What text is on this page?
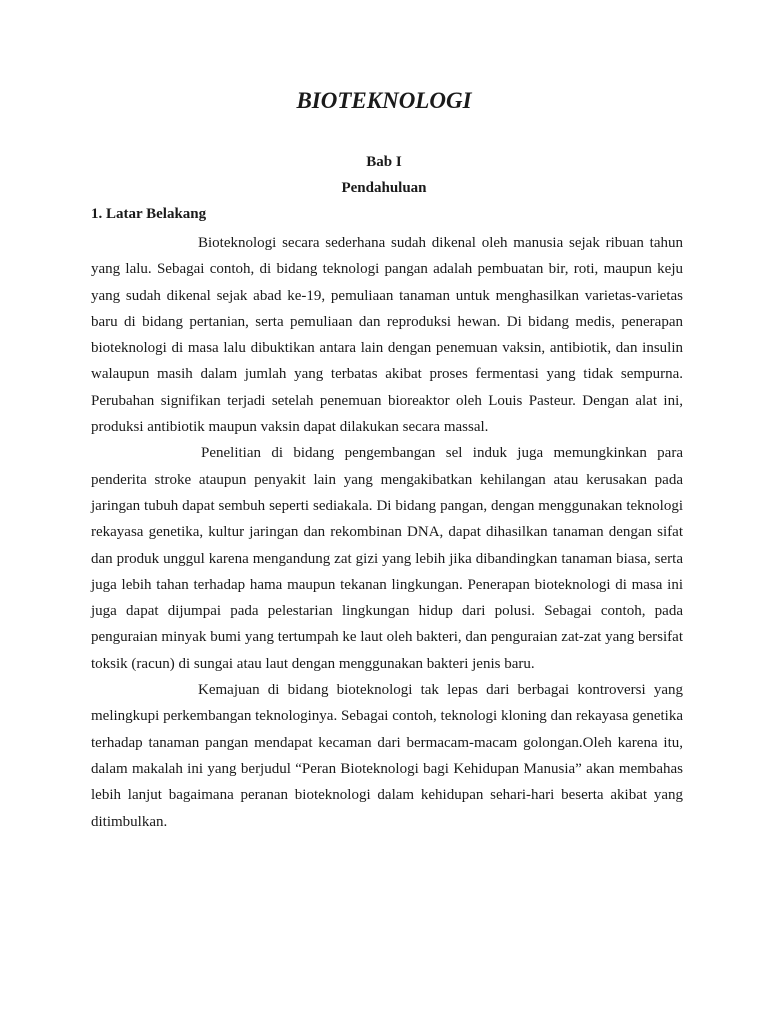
BIOTEKNOLOGI

Bab I

Pendahuluan

1. Latar Belakang

Bioteknologi secara sederhana sudah dikenal oleh manusia sejak ribuan tahun yang lalu. Sebagai contoh, di bidang teknologi pangan adalah pembuatan bir, roti, maupun keju yang sudah dikenal sejak abad ke-19, pemuliaan tanaman untuk menghasilkan varietas-varietas baru di bidang pertanian, serta pemuliaan dan reproduksi hewan. Di bidang medis, penerapan bioteknologi di masa lalu dibuktikan antara lain dengan penemuan vaksin, antibiotik, dan insulin walaupun masih dalam jumlah yang terbatas akibat proses fermentasi yang tidak sempurna. Perubahan signifikan terjadi setelah penemuan bioreaktor oleh Louis Pasteur. Dengan alat ini, produksi antibiotik maupun vaksin dapat dilakukan secara massal.

Penelitian di bidang pengembangan sel induk juga memungkinkan para penderita stroke ataupun penyakit lain yang mengakibatkan kehilangan atau kerusakan pada jaringan tubuh dapat sembuh seperti sediakala. Di bidang pangan, dengan menggunakan teknologi rekayasa genetika, kultur jaringan dan rekombinan DNA, dapat dihasilkan tanaman dengan sifat dan produk unggul karena mengandung zat gizi yang lebih jika dibandingkan tanaman biasa, serta juga lebih tahan terhadap hama maupun tekanan lingkungan. Penerapan bioteknologi di masa ini juga dapat dijumpai pada pelestarian lingkungan hidup dari polusi. Sebagai contoh, pada penguraian minyak bumi yang tertumpah ke laut oleh bakteri, dan penguraian zat-zat yang bersifat toksik (racun) di sungai atau laut dengan menggunakan bakteri jenis baru.

Kemajuan di bidang bioteknologi tak lepas dari berbagai kontroversi yang melingkupi perkembangan teknologinya. Sebagai contoh, teknologi kloning dan rekayasa genetika terhadap tanaman pangan mendapat kecaman dari bermacam-macam golongan.Oleh karena itu, dalam makalah ini yang berjudul “Peran Bioteknologi bagi Kehidupan Manusia” akan membahas lebih lanjut bagaimana peranan bioteknologi dalam kehidupan sehari-hari beserta akibat yang ditimbulkan.
